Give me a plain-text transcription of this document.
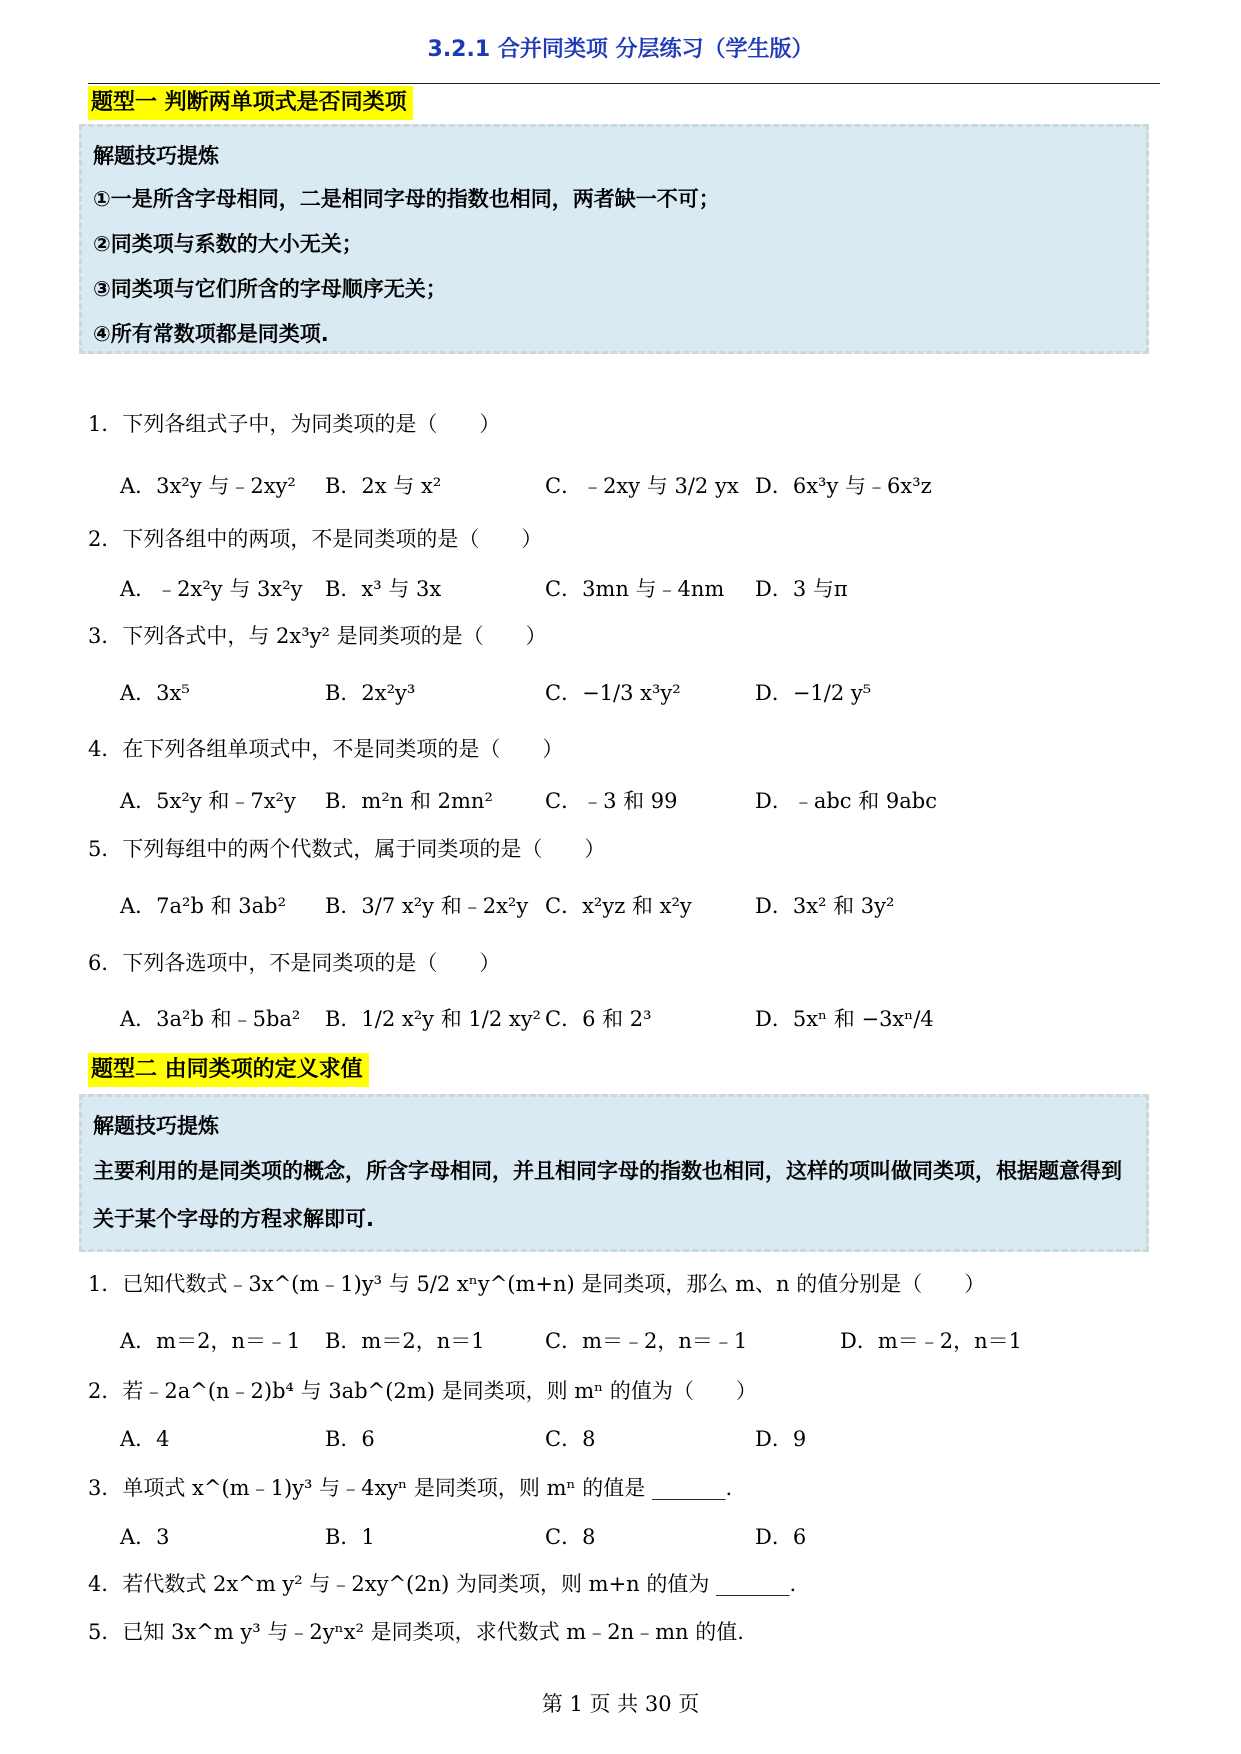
3.2.1 合并同类项 分层练习（学生版）
题型一 判断两单项式是否同类项
解题技巧提炼
①一是所含字母相同，二是相同字母的指数也相同，两者缺一不可；
②同类项与系数的大小无关；
③同类项与它们所含的字母顺序无关；
④所有常数项都是同类项.
1．下列各组式子中，为同类项的是（　　）
A．3x²y 与﹣2xy² B．2x 与 x²	C．﹣2xy 与 3/2 yx D．6x³y 与﹣6x³z
2．下列各组中的两项，不是同类项的是（　　）
A．﹣2x²y 与 3x²y B．x³ 与 3x	C．3mn 与﹣4nm D．3 与π
3．下列各式中，与 2x³y² 是同类项的是（　　）
A．3x⁵	B．2x²y³	C．−1/3 x³y²	D．−1/2 y⁵
4．在下列各组单项式中，不是同类项的是（　　）
A．5x²y 和﹣7x²y B．m²n 和 2mn² C．﹣3 和 99	D．﹣abc 和 9abc
5．下列每组中的两个代数式，属于同类项的是（　　）
A．7a²b 和 3ab² B．3/7 x²y 和﹣2x²y C．x²yz 和 x²y	D．3x² 和 3y²
6．下列各选项中，不是同类项的是（　　）
A．3a²b 和﹣5ba² B．1/2 x²y 和 1/2 xy² C．6 和 2³	D．5xⁿ 和 −3xⁿ/4
题型二 由同类项的定义求值
解题技巧提炼
主要利用的是同类项的概念，所含字母相同，并且相同字母的指数也相同，这样的项叫做同类项，根据题意得到关于某个字母的方程求解即可.
1．已知代数式﹣3x^(m﹣1)y³ 与 5/2 xⁿy^(m+n) 是同类项，那么 m、n 的值分别是（　　）
A．m＝2，n＝﹣1 B．m＝2，n＝1	C．m＝﹣2，n＝﹣1	D．m＝﹣2，n＝1
2．若﹣2a^(n﹣2)b⁴ 与 3ab^(2m) 是同类项，则 mⁿ 的值为（　　）
A．4	B．6	C．8	D．9
3．单项式 x^(m﹣1)y³ 与﹣4xyⁿ 是同类项，则 mⁿ 的值是 _______.
A．3	B．1	C．8	D．6
4．若代数式 2x^m y² 与﹣2xy^(2n) 为同类项，则 m+n 的值为 _______.
5．已知 3x^m y³ 与﹣2yⁿx² 是同类项，求代数式 m﹣2n﹣mn 的值.
第 1 页 共 30 页
